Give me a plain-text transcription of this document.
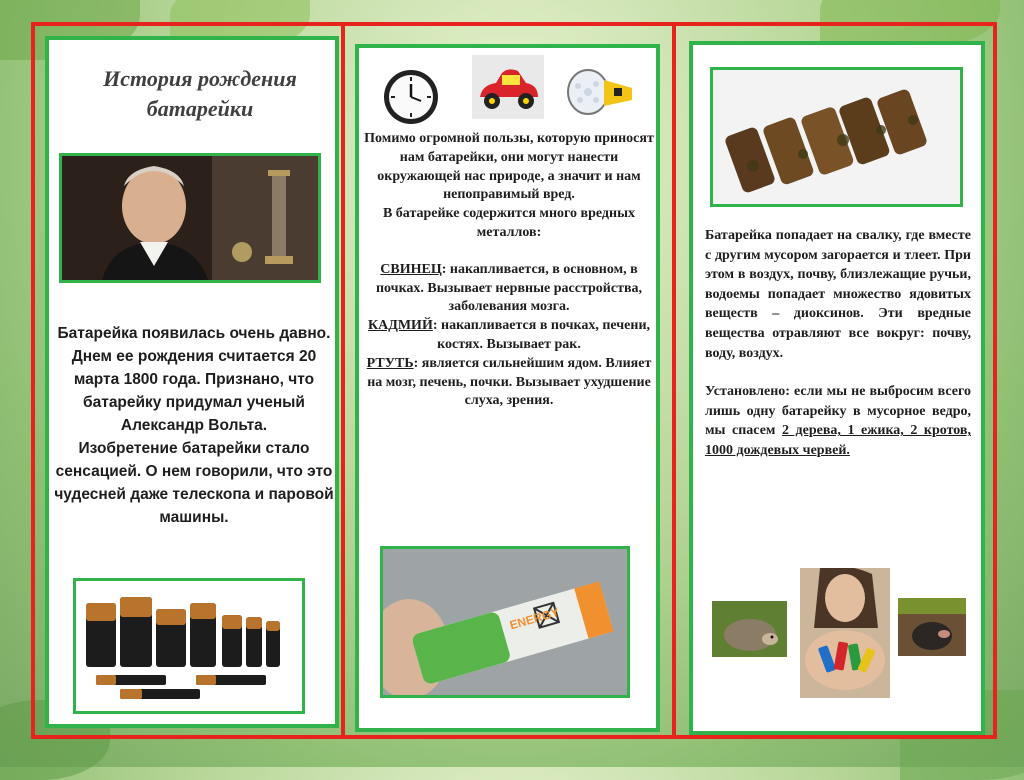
История рождения
батарейки
Батарейка появилась очень давно. Днем ее рождения считается 20 марта 1800 года. Признано, что батарейку придумал ученый Александр Вольта.
Изобретение батарейки стало сенсацией. О нем говорили, что это чудесней даже телескопа и паровой машины.

Помимо огромной пользы, которую приносят нам батарейки, они могут нанести окружающей нас природе, а значит и нам непоправимый вред.

В батарейке содержится много вредных металлов:

СВИНЕЦ: накапливается, в основном, в почках. Вызывает нервные расстройства, заболевания мозга.

КАДМИЙ: накапливается в почках, печени, костях. Вызывает рак.

РТУТЬ: является сильнейшим ядом. Влияет на мозг, печень, почки. Вызывает ухудшение слуха, зрения.

ENERGY

Батарейка попадает на свалку, где вместе с другим мусором загорается и тлеет. При этом в воздух, почву, близлежащие ручьи, водоемы попадает множество ядовитых веществ – диоксинов. Эти вредные вещества отравляют все вокруг: почву, воду, воздух.

Установлено: если мы не выбросим всего лишь одну батарейку в мусорное ведро, мы спасем 2 дерева, 1 ежика, 2 кротов, 1000 дождевых червей.
